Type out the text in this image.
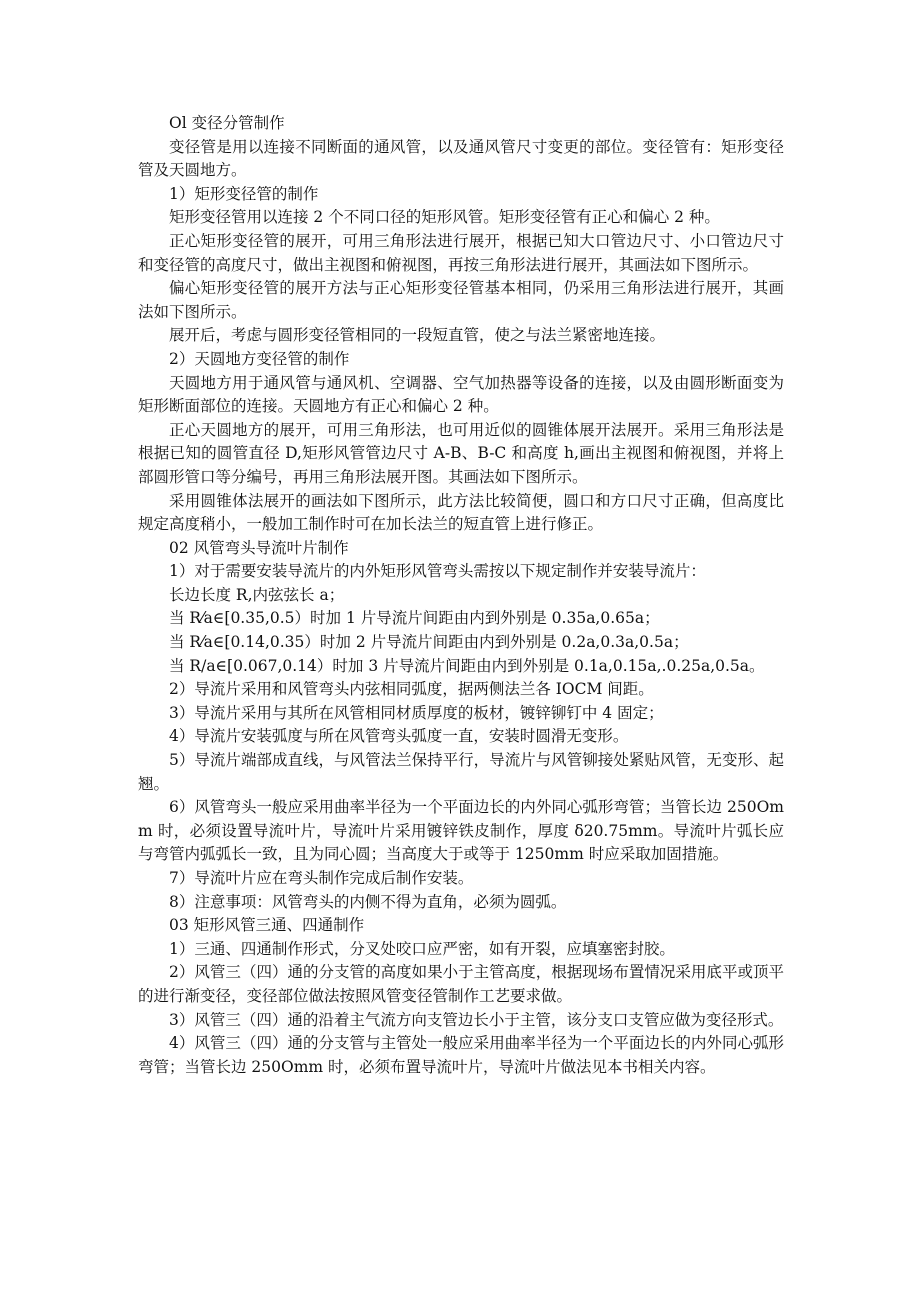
Ol 变径分管制作

变径管是用以连接不同断面的通风管，以及通风管尺寸变更的部位。变径管有：矩形变径管及天圆地方。

1）矩形变径管的制作

矩形变径管用以连接 2 个不同口径的矩形风管。矩形变径管有正心和偏心 2 种。

正心矩形变径管的展开，可用三角形法进行展开，根据已知大口管边尺寸、小口管边尺寸和变径管的高度尺寸，做出主视图和俯视图，再按三角形法进行展开，其画法如下图所示。

偏心矩形变径管的展开方法与正心矩形变径管基本相同，仍采用三角形法进行展开，其画法如下图所示。

展开后，考虑与圆形变径管相同的一段短直管，使之与法兰紧密地连接。

2）天圆地方变径管的制作

天圆地方用于通风管与通风机、空调器、空气加热器等设备的连接，以及由圆形断面变为矩形断面部位的连接。天圆地方有正心和偏心 2 种。

正心天圆地方的展开，可用三角形法，也可用近似的圆锥体展开法展开。采用三角形法是根据已知的圆管直径 D,矩形风管管边尺寸 A-B、B-C 和高度 h,画出主视图和俯视图，并将上部圆形管口等分编号，再用三角形法展开图。其画法如下图所示。

采用圆锥体法展开的画法如下图所示，此方法比较简便，圆口和方口尺寸正确，但高度比规定高度稍小，一般加工制作时可在加长法兰的短直管上进行修正。

02 风管弯头导流叶片制作

1）对于需要安装导流片的内外矩形风管弯头需按以下规定制作并安装导流片：

长边长度 R,内弦弦长 a；

当 R⁄a∈[0.35,0.5）时加 1 片导流片间距由内到外别是 0.35a,0.65a；

当 R⁄a∈[0.14,0.35）时加 2 片导流片间距由内到外别是 0.2a,0.3a,0.5a；

当 R/a∈[0.067,0.14）时加 3 片导流片间距由内到外别是 0.1a,0.15a,.0.25a,0.5a。

2）导流片采用和风管弯头内弦相同弧度，据两侧法兰各 IOCM 间距。

3）导流片采用与其所在风管相同材质厚度的板材，镀锌铆钉中 4 固定；

4）导流片安装弧度与所在风管弯头弧度一直，安装时圆滑无变形。

5）导流片端部成直线，与风管法兰保持平行，导流片与风管铆接处紧贴风管，无变形、起翘。

6）风管弯头一般应采用曲率半径为一个平面边长的内外同心弧形弯管；当管长边 250Omm 时，必须设置导流叶片，导流叶片采用镀锌铁皮制作，厚度 δ20.75mm。导流叶片弧长应与弯管内弧弧长一致，且为同心圆；当高度大于或等于 1250mm 时应采取加固措施。

7）导流叶片应在弯头制作完成后制作安装。

8）注意事项：风管弯头的内侧不得为直角，必须为圆弧。

03 矩形风管三通、四通制作

1）三通、四通制作形式，分叉处咬口应严密，如有开裂，应填塞密封胶。

2）风管三（四）通的分支管的高度如果小于主管高度，根据现场布置情况采用底平或顶平的进行渐变径，变径部位做法按照风管变径管制作工艺要求做。

3）风管三（四）通的沿着主气流方向支管边长小于主管，该分支口支管应做为变径形式。

4）风管三（四）通的分支管与主管处一般应采用曲率半径为一个平面边长的内外同心弧形弯管；当管长边 250Omm 时，必须布置导流叶片，导流叶片做法见本书相关内容。
